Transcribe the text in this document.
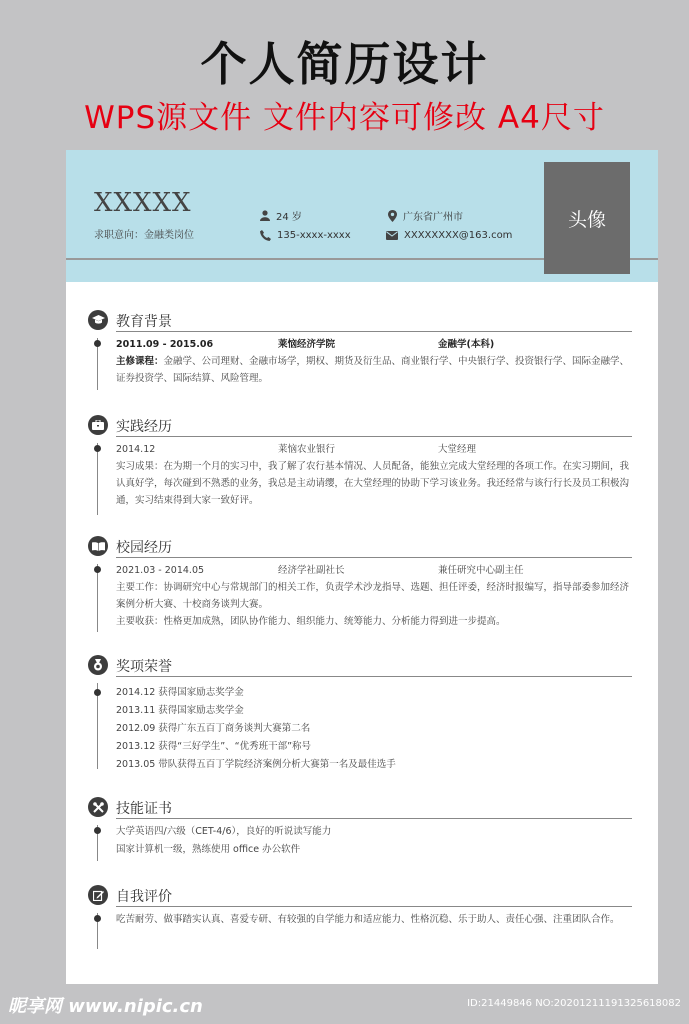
个人简历设计
WPS源文件 文件内容可修改 A4尺寸
XXXXX
求职意向：金融类岗位
24 岁	广东省广州市
135-xxxx-xxxx	XXXXXXXX@163.com
头像
教育背景
2011.09 - 2015.06	莱恼经济学院	金融学(本科)
主修课程：金融学、公司理财、金融市场学，期权、期货及衍生品、商业银行学、中央银行学、投资银行学、国际金融学、证券投资学、国际结算、风险管理。
实践经历
2014.12	莱恼农业银行	大堂经理
实习成果：在为期一个月的实习中，我了解了农行基本情况、人员配备，能独立完成大堂经理的各项工作。在实习期间，我认真好学，每次碰到不熟悉的业务，我总是主动请缨，在大堂经理的协助下学习该业务。我还经常与该行行长及员工积极沟通，实习结束得到大家一致好评。
校园经历
2021.03 - 2014.05	经济学社副社长	兼任研究中心副主任
主要工作：协调研究中心与常规部门的相关工作，负责学术沙龙指导、选题、担任评委，经济时报编写，指导部委参加经济案例分析大赛、十校商务谈判大赛。
主要收获：性格更加成熟，团队协作能力、组织能力、统筹能力、分析能力得到进一步提高。
奖项荣誉
2014.12 获得国家励志奖学金
2013.11 获得国家励志奖学金
2012.09 获得广东五百丁商务谈判大赛第二名
2013.12 获得“三好学生”、“优秀班干部”称号
2013.05 带队获得五百丁学院经济案例分析大赛第一名及最佳选手
技能证书
大学英语四/六级（CET-4/6），良好的听说读写能力
国家计算机一级，熟练使用 office 办公软件
自我评价
吃苦耐劳、做事踏实认真、喜爱专研、有较强的自学能力和适应能力、性格沉稳、乐于助人、责任心强、注重团队合作。
昵享网 www.nipic.cn	ID:21449846 NO:20201211191325618082
